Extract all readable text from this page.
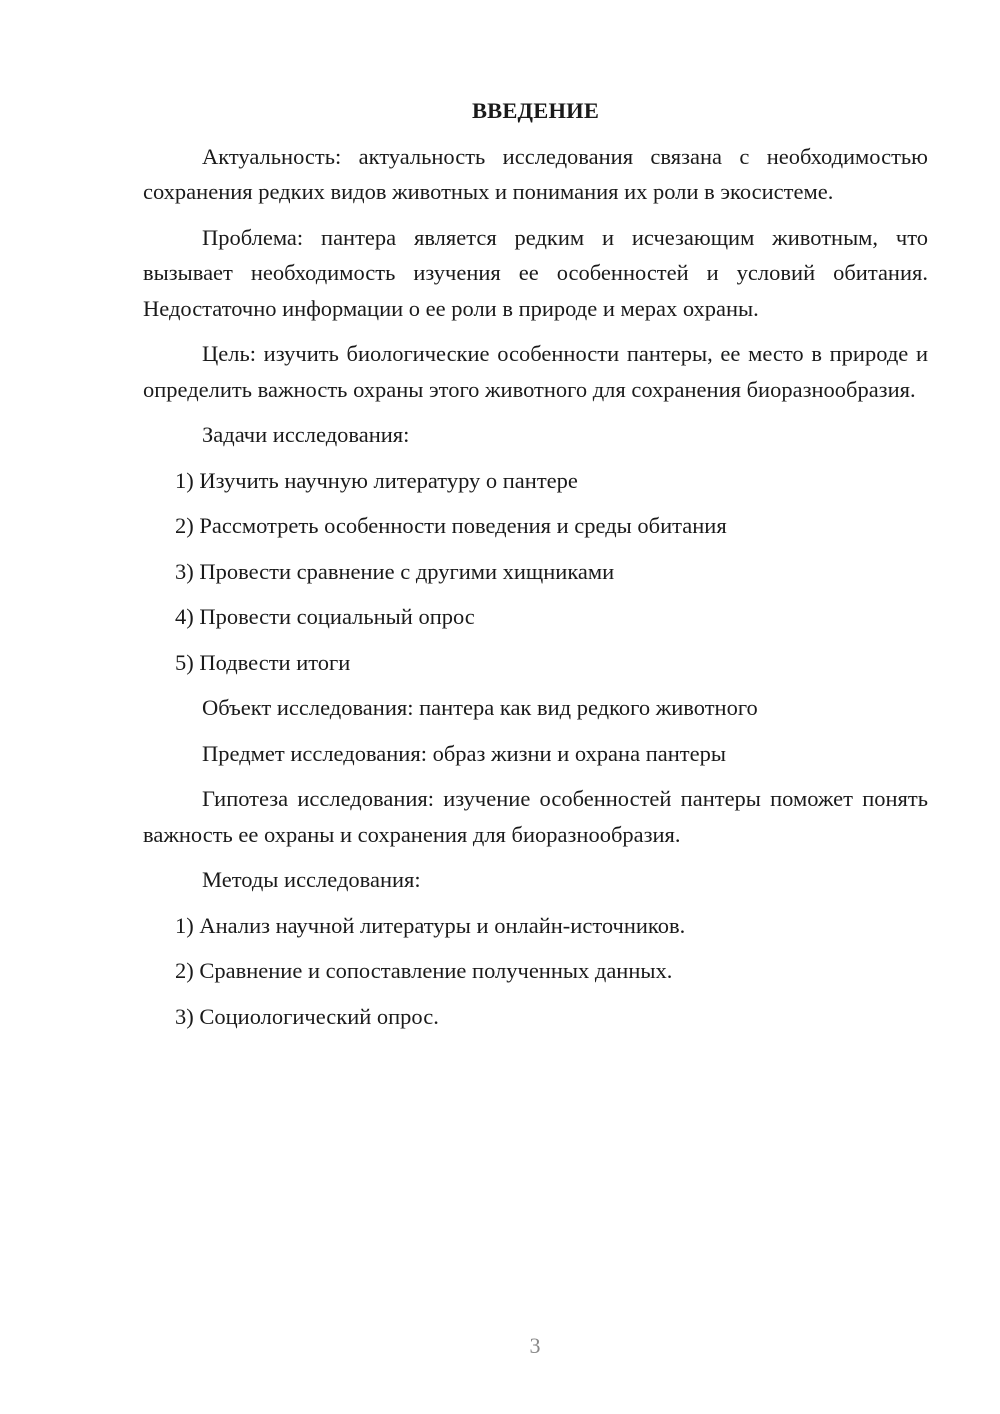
ВВЕДЕНИЕ
Актуальность: актуальность исследования связана с необходимостью сохранения редких видов животных и понимания их роли в экосистеме.
Проблема: пантера является редким и исчезающим животным, что вызывает необходимость изучения ее особенностей и условий обитания. Недостаточно информации о ее роли в природе и мерах охраны.
Цель: изучить биологические особенности пантеры, ее место в природе и определить важность охраны этого животного для сохранения биоразнообразия.
Задачи исследования:
1) Изучить научную литературу о пантере
2) Рассмотреть особенности поведения и среды обитания
3) Провести сравнение с другими хищниками
4) Провести социальный опрос
5) Подвести итоги
Объект исследования: пантера как вид редкого животного
Предмет исследования: образ жизни и охрана пантеры
Гипотеза исследования: изучение особенностей пантеры поможет понять важность ее охраны и сохранения для биоразнообразия.
Методы исследования:
1) Анализ научной литературы и онлайн-источников.
2) Сравнение и сопоставление полученных данных.
3) Социологический опрос.
3
